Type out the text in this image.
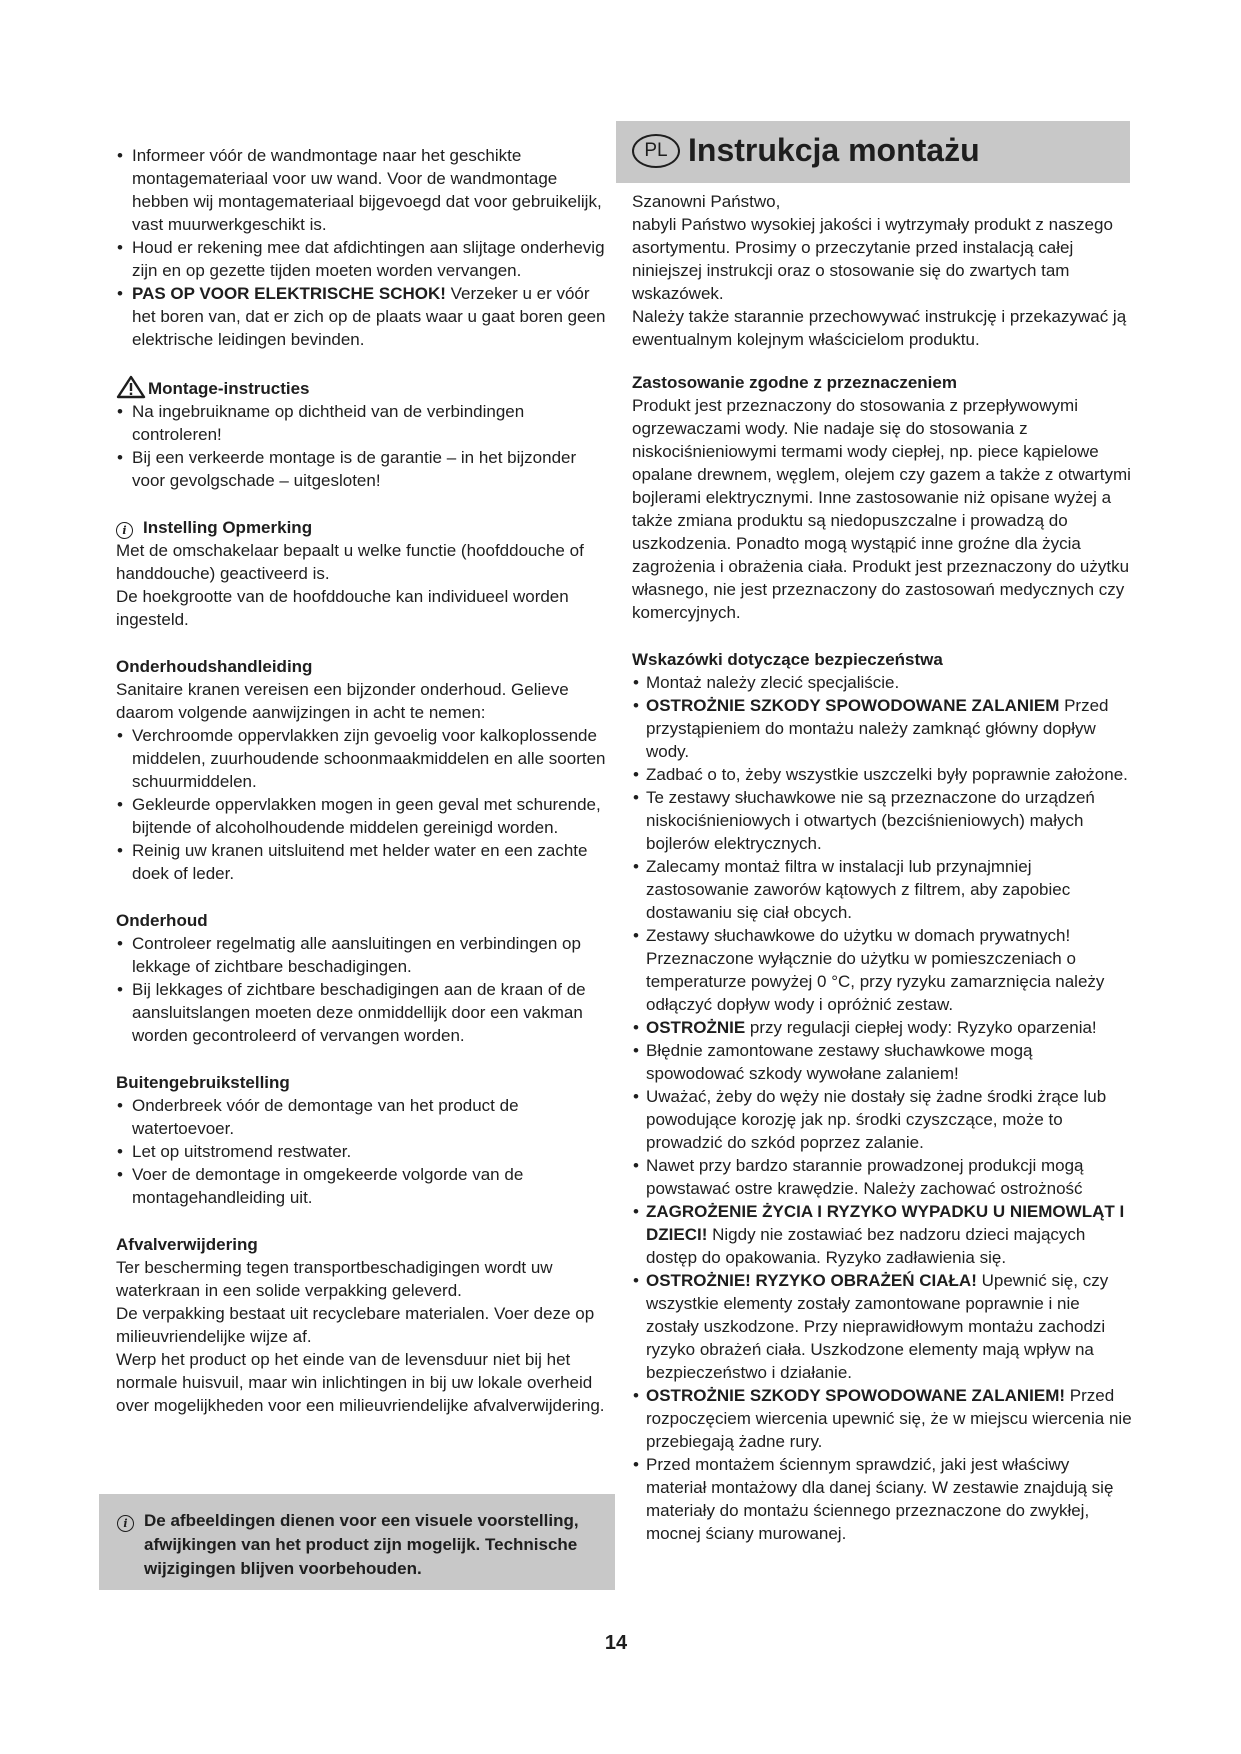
• Informeer vóór de wandmontage naar het geschikte montagemateriaal voor uw wand. Voor de wandmontage hebben wij montagemateriaal bijgevoegd dat voor gebruikelijk, vast muurwerkgeschikt is.
• Houd er rekening mee dat afdichtingen aan slijtage onderhevig zijn en op gezette tijden moeten worden vervangen.
• PAS OP VOOR ELEKTRISCHE SCHOK! Verzeker u er vóór het boren van, dat er zich op de plaats waar u gaat boren geen elektrische leidingen bevinden.

Montage-instructies

• Na ingebruikname op dichtheid van de verbindingen controleren!
• Bij een verkeerde montage is de garantie – in het bijzonder voor gevolgschade – uitgesloten!

i Instelling Opmerking

Met de omschakelaar bepaalt u welke functie (hoofddouche of handdouche) geactiveerd is.

De hoekgrootte van de hoofddouche kan individueel worden ingesteld.

Onderhoudshandleiding

Sanitaire kranen vereisen een bijzonder onderhoud. Gelieve daarom volgende aanwijzingen in acht te nemen:

• Verchroomde oppervlakken zijn gevoelig voor kalkoplossende middelen, zuurhoudende schoonmaakmiddelen en alle soorten schuurmiddelen.
• Gekleurde oppervlakken mogen in geen geval met schurende, bijtende of alcoholhoudende middelen gereinigd worden.
• Reinig uw kranen uitsluitend met helder water en een zachte doek of leder.

Onderhoud

• Controleer regelmatig alle aansluitingen en verbindingen op lekkage of zichtbare beschadigingen.
• Bij lekkages of zichtbare beschadigingen aan de kraan of de aansluitslangen moeten deze onmiddellijk door een vakman worden gecontroleerd of vervangen worden.

Buitengebruikstelling

• Onderbreek vóór de demontage van het product de watertoevoer.
• Let op uitstromend restwater.
• Voer de demontage in omgekeerde volgorde van de montagehandleiding uit.

Afvalverwijdering

Ter bescherming tegen transportbeschadigingen wordt uw waterkraan in een solide verpakking geleverd.

De verpakking bestaat uit recyclebare materialen. Voer deze op milieuvriendelijke wijze af.

Werp het product op het einde van de levensduur niet bij het normale huisvuil, maar win inlichtingen in bij uw lokale overheid over mogelijkheden voor een milieuvriendelijke afvalverwijdering.

i De afbeeldingen dienen voor een visuele voorstelling, afwijkingen van het product zijn mogelijk. Technische wijzigingen blijven voorbehouden.
PL Instrukcja montażu

Szanowni Państwo,

nabyli Państwo wysokiej jakości i wytrzymały produkt z naszego asortymentu. Prosimy o przeczytanie przed instalacją całej niniejszej instrukcji oraz o stosowanie się do zwartych tam wskazówek.

Należy także starannie przechowywać instrukcję i przekazywać ją ewentualnym kolejnym właścicielom produktu.

Zastosowanie zgodne z przeznaczeniem

Produkt jest przeznaczony do stosowania z przepływowymi ogrzewaczami wody. Nie nadaje się do stosowania z niskociśnieniowymi termami wody ciepłej, np. piece kąpielowe opalane drewnem, węglem, olejem czy gazem a także z otwartymi bojlerami elektrycznymi. Inne zastosowanie niż opisane wyżej a także zmiana produktu są niedopuszczalne i prowadzą do uszkodzenia. Ponadto mogą wystąpić inne groźne dla życia zagrożenia i obrażenia ciała. Produkt jest przeznaczony do użytku własnego, nie jest przeznaczony do zastosowań medycznych czy komercyjnych.

Wskazówki dotyczące bezpieczeństwa

• Montaż należy zlecić specjaliście.
• OSTROŻNIE SZKODY SPOWODOWANE ZALANIEM Przed przystąpieniem do montażu należy zamknąć główny dopływ wody.
• Zadbać o to, żeby wszystkie uszczelki były poprawnie założone.
• Te zestawy słuchawkowe nie są przeznaczone do urządzeń niskociśnieniowych i otwartych (bezciśnieniowych) małych bojlerów elektrycznych.
• Zalecamy montaż filtra w instalacji lub przynajmniej zastosowanie zaworów kątowych z filtrem, aby zapobiec dostawaniu się ciał obcych.
• Zestawy słuchawkowe do użytku w domach prywatnych! Przeznaczone wyłącznie do użytku w pomieszczeniach o temperaturze powyżej 0 °C, przy ryzyku zamarznięcia należy odłączyć dopływ wody i opróżnić zestaw.
• OSTROŻNIE przy regulacji ciepłej wody: Ryzyko oparzenia!
• Błędnie zamontowane zestawy słuchawkowe mogą spowodować szkody wywołane zalaniem!
• Uważać, żeby do węży nie dostały się żadne środki żrące lub powodujące korozję jak np. środki czyszczące, może to prowadzić do szkód poprzez zalanie.
• Nawet przy bardzo starannie prowadzonej produkcji mogą powstawać ostre krawędzie. Należy zachować ostrożność
• ZAGROŻENIE ŻYCIA I RYZYKO WYPADKU U NIEMOWLĄT I DZIECI! Nigdy nie zostawiać bez nadzoru dzieci mających dostęp do opakowania. Ryzyko zadławienia się.
• OSTROŻNIE! RYZYKO OBRAŻEŃ CIAŁA! Upewnić się, czy wszystkie elementy zostały zamontowane poprawnie i nie zostały uszkodzone. Przy nieprawidłowym montażu zachodzi ryzyko obrażeń ciała. Uszkodzone elementy mają wpływ na bezpieczeństwo i działanie.
• OSTROŻNIE SZKODY SPOWODOWANE ZALANIEM! Przed rozpoczęciem wiercenia upewnić się, że w miejscu wiercenia nie przebiegają żadne rury.
• Przed montażem ściennym sprawdzić, jaki jest właściwy materiał montażowy dla danej ściany. W zestawie znajdują się materiały do montażu ściennego przeznaczone do zwykłej, mocnej ściany murowanej.
14
